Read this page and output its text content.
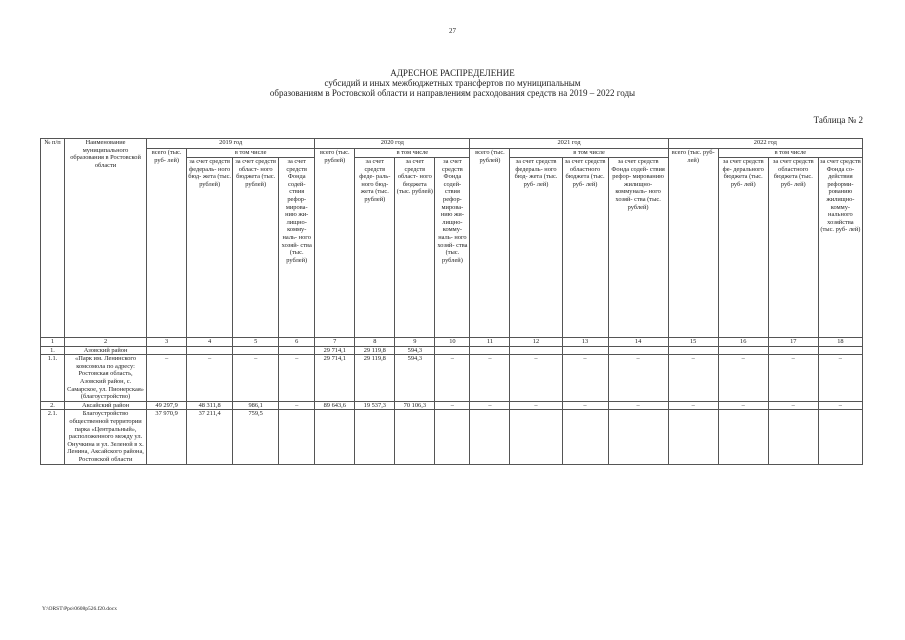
27
АДРЕСНОЕ РАСПРЕДЕЛЕНИЕ
субсидий и иных межбюджетных трансфертов по муниципальным
образованиям в Ростовской области и направлениям расходования средств на 2019 – 2022 годы
Таблица № 2
№ п/п	Наименование муниципального образования в Ростовской области	2019 год				2020 год				2021 год				2022 год			
		всего (тыс. руб- лей)	в том числе			всего (тыс. рублей)	в том числе			всего (тыс. рублей)	в том числе			всего (тыс. руб- лей)	в том числе		
			за счет средств федераль- ного бюд- жета (тыс. рублей)	за счет средств област- ного бюджета (тыс. рублей)	за счет средств Фонда содей- ствия рефор- мирова- нию жи- лищно- комму- наль- ного хозяй- ства (тыс. рублей)		за счет средств феде- раль- ного бюд- жета (тыс. рублей)	за счет средств област- ного бюджета (тыс. рублей)	за счет средств Фонда содей- ствия рефор- мирова- нию жи- лищно- комму- наль- ного хозяй- ства (тыс. рублей)		за счет средств федераль- ного бюд- жета (тыс. руб- лей)	за счет средств областного бюджета (тыс. руб- лей)	за счет средств Фонда содей- ствия рефор- мированию жилищно- коммуналь- ного хозяй- ства (тыс. рублей)		за счет средств фе- дерального бюджета (тыс. руб- лей)	за счет средств областного бюджета (тыс. руб- лей)	за счет средств Фонда со- действия реформи- рованию жилищно- комму- нального хозяйства (тыс. руб- лей)
1	2	3	4	5	6	7	8	9	10	11	12	13	14	15	16	17	18
1.	Азовский район					29 714,1	29 119,8	594,3									
1.1.	«Парк им. Ленинского комсомола по адресу: Ростовская область, Азовский район, с. Самарское, ул. Пионерская» (благоустройство)	–	–	–	–	29 714,1	29 119,8	594,3	–	–	–	–	–	–	–	–	–
2.	Аксайский район	49 297,9	48 311,8	986,1	–	89 643,6	19 537,3	70 106,3	–	–	–	–	–	–	–	–	–
2.1.	Благоустройство общественной территории парка «Центральный», расположенного между ул. Онучкина и ул. Зеленой в х. Ленина, Аксайского района, Ростовской области	37 970,9	37 211,4	759,5													
Y:\ORST\Ppo\0608p526.f20.docx
